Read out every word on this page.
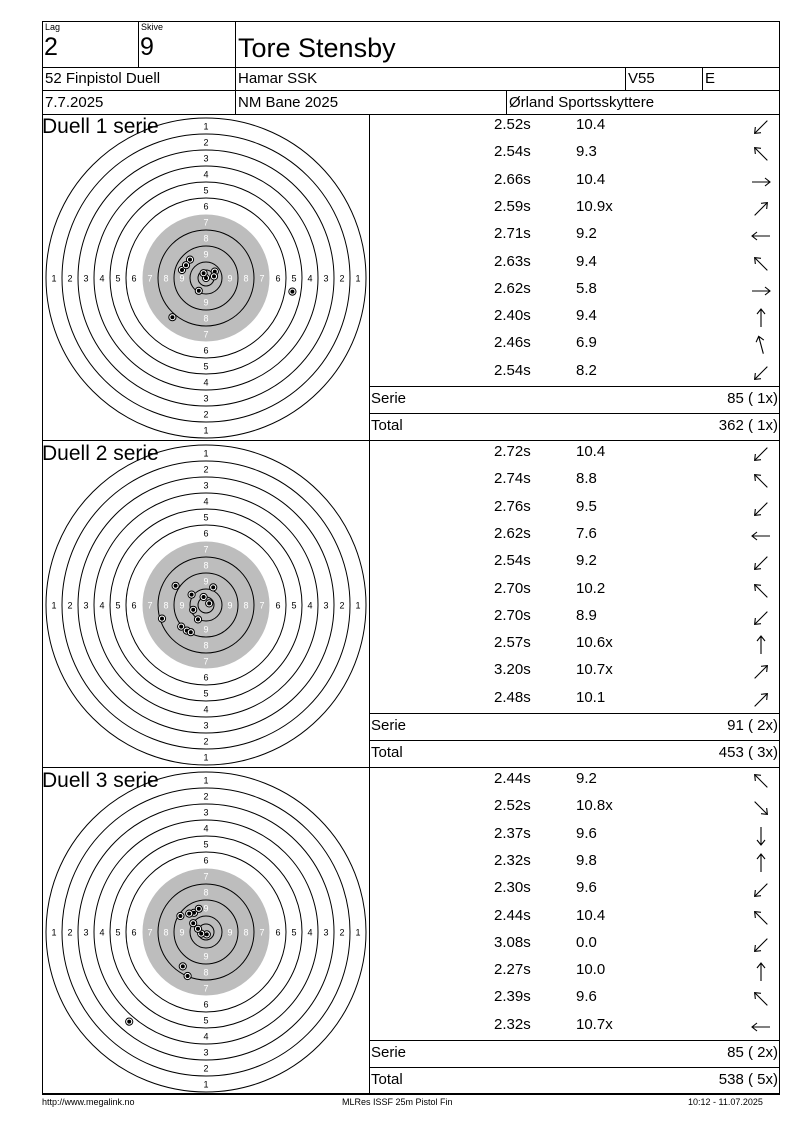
Lag
2
Skive
9	Tore Stensby
52 Finpistol Duell	Hamar SSK	V55	E
7.7.2025	NM Bane 2025	Ørland Sportsskyttere
1
1
1	1
2
2
2	2
3
3
3	3
4
4
4	4
5
5
5	5
6
6
6	6
7
7
7	7
8
8
8	8
9
9
9	9
Duell 1 serie	2.52s	10.4
2.54s	9.3
2.66s	10.4
2.59s	10.9x
2.71s	9.2
2.63s	9.4
2.62s	5.8
2.40s	9.4
2.46s	6.9
2.54s	8.2
Serie	85 ( 1x)
Total	362 ( 1x)
1
1
1	1
2
2
2	2
3
3
3	3
4
4
4	4
5
5
5	5
6
6
6	6
7
7
7	7
8
8
8	8
9
9
9	9
Duell 2 serie	2.72s	10.4
2.74s	8.8
2.76s	9.5
2.62s	7.6
2.54s	9.2
2.70s	10.2
2.70s	8.9
2.57s	10.6x
3.20s	10.7x
2.48s	10.1
Serie	91 ( 2x)
Total	453 ( 3x)
1
1
1	1
2
2
2	2
3
3
3	3
4
4
4	4
5
5
5	5
6
6
6	6
7
7
7	7
8
8
8	8
9
9
9	9
Duell 3 serie	2.44s	9.2
2.52s	10.8x
2.37s	9.6
2.32s	9.8
2.30s	9.6
2.44s	10.4
3.08s	0.0
2.27s	10.0
2.39s	9.6
2.32s	10.7x
Serie	85 ( 2x)
Total	538 ( 5x)
http://www.megalink.no	MLRes ISSF 25m Pistol Fin	10:12 - 11.07.2025
